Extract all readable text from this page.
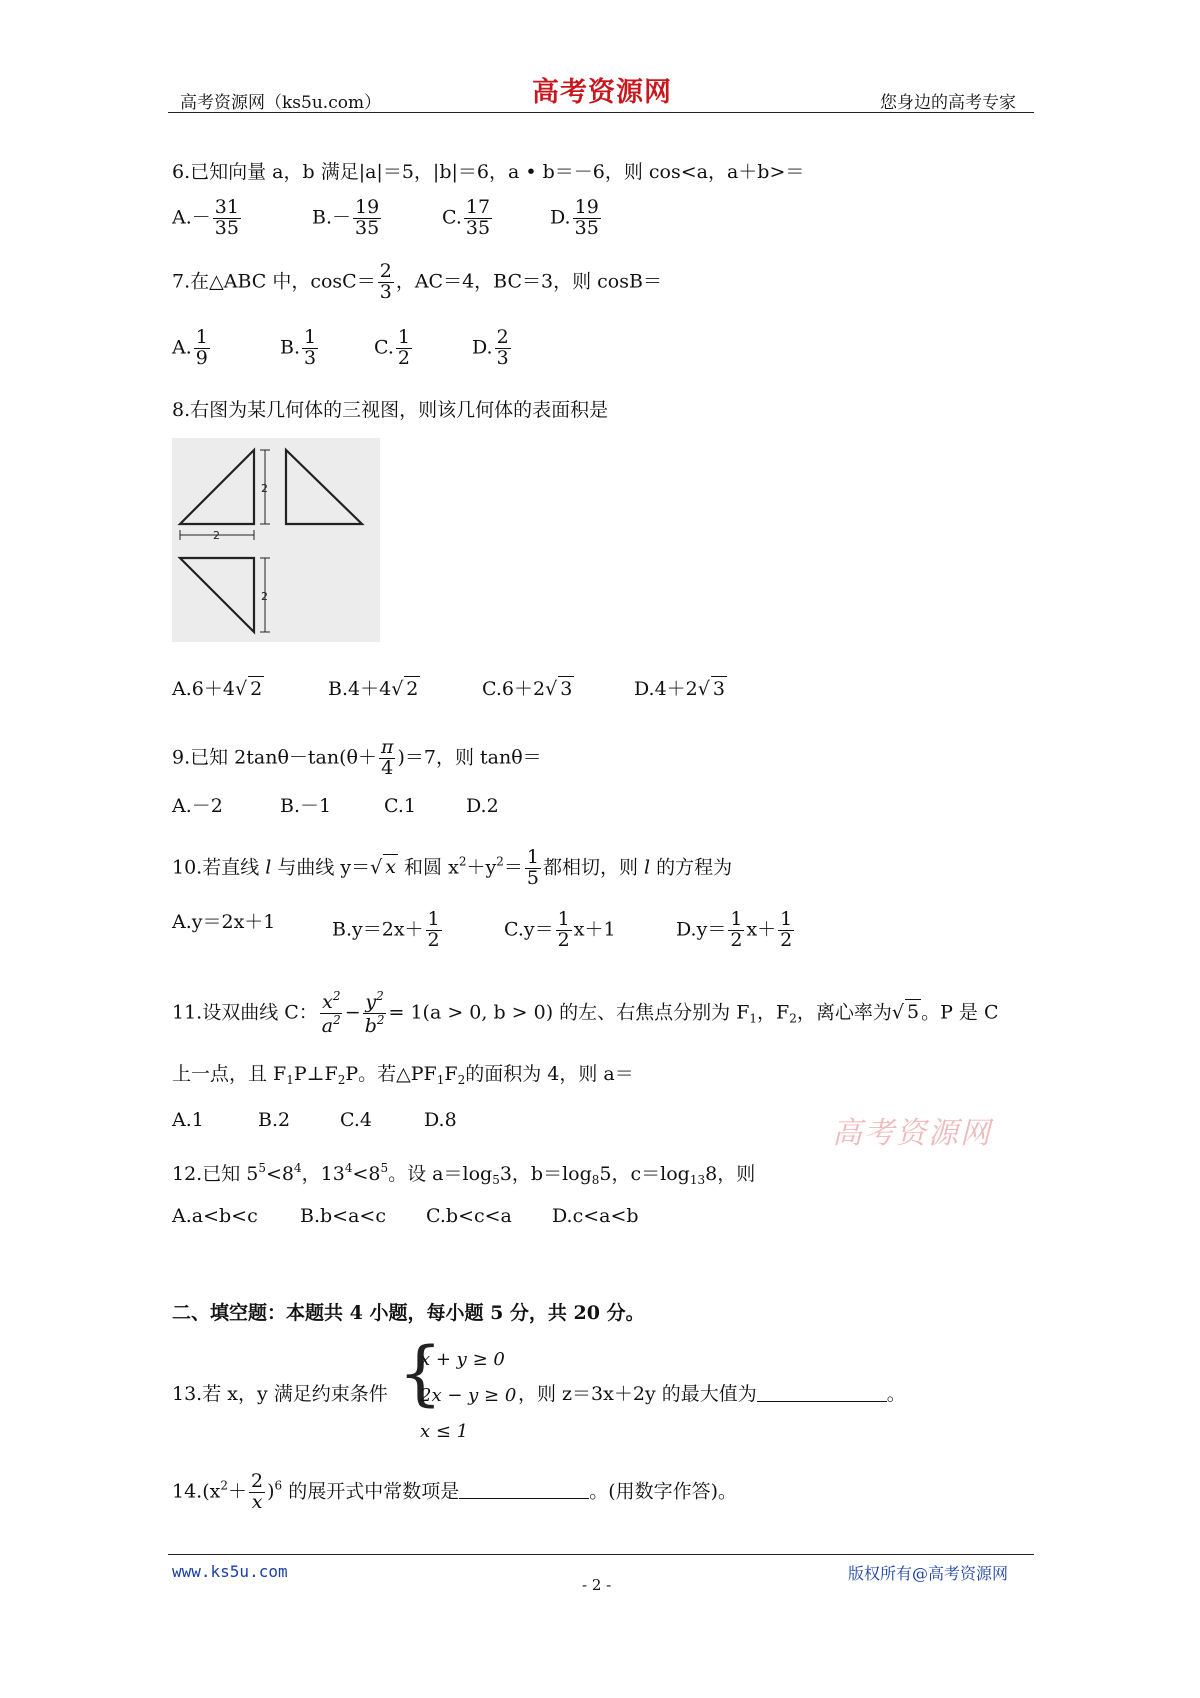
高考资源网（ks5u.com）	高考资源网	您身边的高考专家
6.已知向量 a，b 满足|a|＝5，|b|＝6，a • b＝－6，则 cos<a，a＋b>＝
$A.- \frac{31}{35}$	$B.- \frac{19}{35}$	C. $\frac{17}{35}$	D. $\frac{19}{35}$
7.在△ABC 中，$\cos C= \frac{2}{3}$ ，AC＝4，BC＝3，则 cosB＝
A. $\frac{1}{9}$	B. $\frac{1}{3}$	C. $\frac{1}{2}$	D. $\frac{2}{3}$
8.右图为某几何体的三视图，则该几何体的表面积是
2
2
2
A.6＋4√ 2	B.4＋4√ 2	C.6＋2√ 3	D.4＋2√ 3
9.已知 $2\tan\theta-\tan(\theta+ \frac{\pi}{4} )=7$，则 tanθ＝
A.－2	B.－1	C.1	D.2
10.若直线 l 与曲线 y＝√ x 和圆 $x^2+y^2= \frac{1}{5}$ 都相切，则 l 的方程为
A.y＝2x＋1	$B.y=2x+ \frac{1}{2}$	$C.y= \frac{1}{2} x+1$	$D.y= \frac{1}{2} x+ \frac{1}{2}$
11.设双曲线 C： $\frac{x^2}{a^2} - \frac{y^2}{b^2} = 1(a > 0$, b > 0) 的左、右焦点分别为 $F_1$，$F_2$，离心率为√ 5 。P 是 C
上一点，且 $F_1P\perp F_2P$。若$\triangle PF_1F_2$的面积为 4，则 a＝
A.1	B.2	C.4	D.8	高考资源网
12.已知 $5^5<8^4$，$13^4<8^5$。设 $a=\log_53$，$b=\log_85$，$c=\log_{13}8$，则
A.a<b<c B.b<a<c C.b<c<a D.c<a<b
二、填空题：本题共 4 小题，每小题 5 分，共 20 分。
13.若 x，y 满足约束条件 {
x + y ≥ 0
2x − y ≥ 0
x ≤ 1
，则 z＝3x＋2y 的最大值为	。
$14.(x^2+ \frac{2}{x} )^6$ 的展开式中常数项是	。(用数字作答)。
www.ks5u.com	版权所有@高考资源网
- 2 -
